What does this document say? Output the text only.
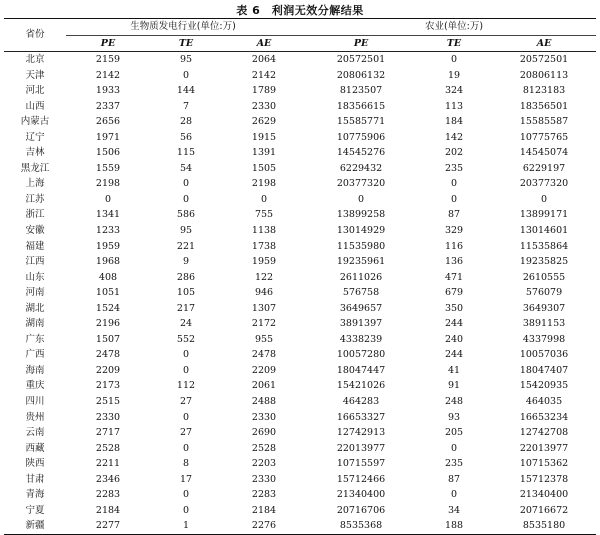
表 6　利润无效分解结果
省份	生物质发电行业(单位:万)			农业(单位:万)		
	PE	TE	AE	PE	TE	AE
北京	2159	95	2064	20572501	0	20572501
天津	2142	0	2142	20806132	19	20806113
河北	1933	144	1789	8123507	324	8123183
山西	2337	7	2330	18356615	113	18356501
内蒙古	2656	28	2629	15585771	184	15585587
辽宁	1971	56	1915	10775906	142	10775765
吉林	1506	115	1391	14545276	202	14545074
黑龙江	1559	54	1505	6229432	235	6229197
上海	2198	0	2198	20377320	0	20377320
江苏	0	0	0	0	0	0
浙江	1341	586	755	13899258	87	13899171
安徽	1233	95	1138	13014929	329	13014601
福建	1959	221	1738	11535980	116	11535864
江西	1968	9	1959	19235961	136	19235825
山东	408	286	122	2611026	471	2610555
河南	1051	105	946	576758	679	576079
湖北	1524	217	1307	3649657	350	3649307
湖南	2196	24	2172	3891397	244	3891153
广东	1507	552	955	4338239	240	4337998
广西	2478	0	2478	10057280	244	10057036
海南	2209	0	2209	18047447	41	18047407
重庆	2173	112	2061	15421026	91	15420935
四川	2515	27	2488	464283	248	464035
贵州	2330	0	2330	16653327	93	16653234
云南	2717	27	2690	12742913	205	12742708
西藏	2528	0	2528	22013977	0	22013977
陕西	2211	8	2203	10715597	235	10715362
甘肃	2346	17	2330	15712466	87	15712378
青海	2283	0	2283	21340400	0	21340400
宁夏	2184	0	2184	20716706	34	20716672
新疆	2277	1	2276	8535368	188	8535180
